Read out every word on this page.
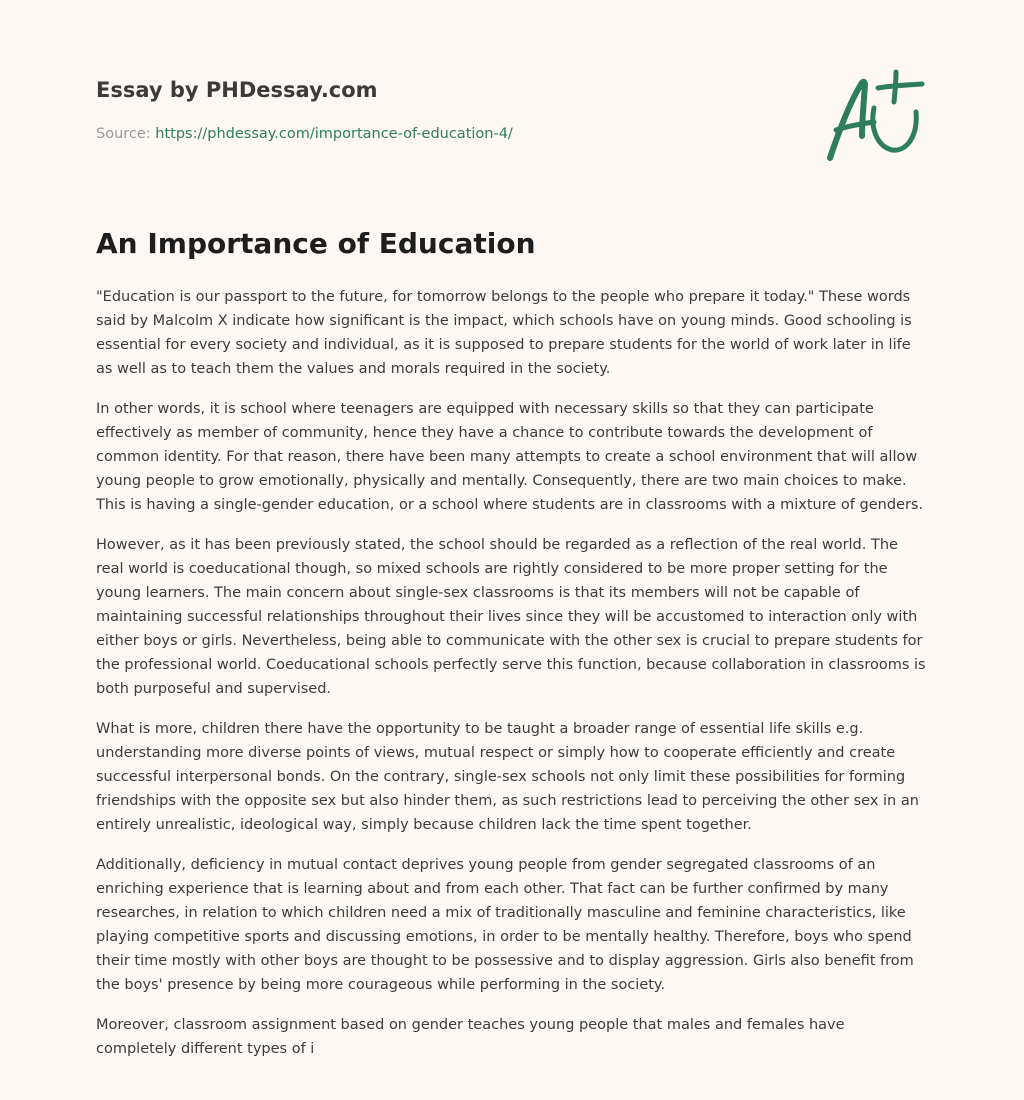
Essay by PHDessay.com
Source: https://phdessay.com/importance-of-education-4/
An Importance of Education

"Education is our passport to the future, for tomorrow belongs to the people who prepare it today." These words said by Malcolm X indicate how significant is the impact, which schools have on young minds. Good schooling is essential for every society and individual, as it is supposed to prepare students for the world of work later in life as well as to teach them the values and morals required in the society.

In other words, it is school where teenagers are equipped with necessary skills so that they can participate effectively as member of community, hence they have a chance to contribute towards the development of common identity. For that reason, there have been many attempts to create a school environment that will allow young people to grow emotionally, physically and mentally. Consequently, there are two main choices to make. This is having a single-gender education, or a school where students are in classrooms with a mixture of genders.

However, as it has been previously stated, the school should be regarded as a reflection of the real world. The real world is coeducational though, so mixed schools are rightly considered to be more proper setting for the young learners. The main concern about single-sex classrooms is that its members will not be capable of maintaining successful relationships throughout their lives since they will be accustomed to interaction only with either boys or girls. Nevertheless, being able to communicate with the other sex is crucial to prepare students for the professional world. Coeducational schools perfectly serve this function, because collaboration in classrooms is both purposeful and supervised.

What is more, children there have the opportunity to be taught a broader range of essential life skills e.g. understanding more diverse points of views, mutual respect or simply how to cooperate efficiently and create successful interpersonal bonds. On the contrary, single-sex schools not only limit these possibilities for forming friendships with the opposite sex but also hinder them, as such restrictions lead to perceiving the other sex in an entirely unrealistic, ideological way, simply because children lack the time spent together.

Additionally, deficiency in mutual contact deprives young people from gender segregated classrooms of an enriching experience that is learning about and from each other. That fact can be further confirmed by many researches, in relation to which children need a mix of traditionally masculine and feminine characteristics, like playing competitive sports and discussing emotions, in order to be mentally healthy. Therefore, boys who spend their time mostly with other boys are thought to be possessive and to display aggression. Girls also benefit from the boys' presence by being more courageous while performing in the society.

Moreover, classroom assignment based on gender teaches young people that males and females have completely different types of i
